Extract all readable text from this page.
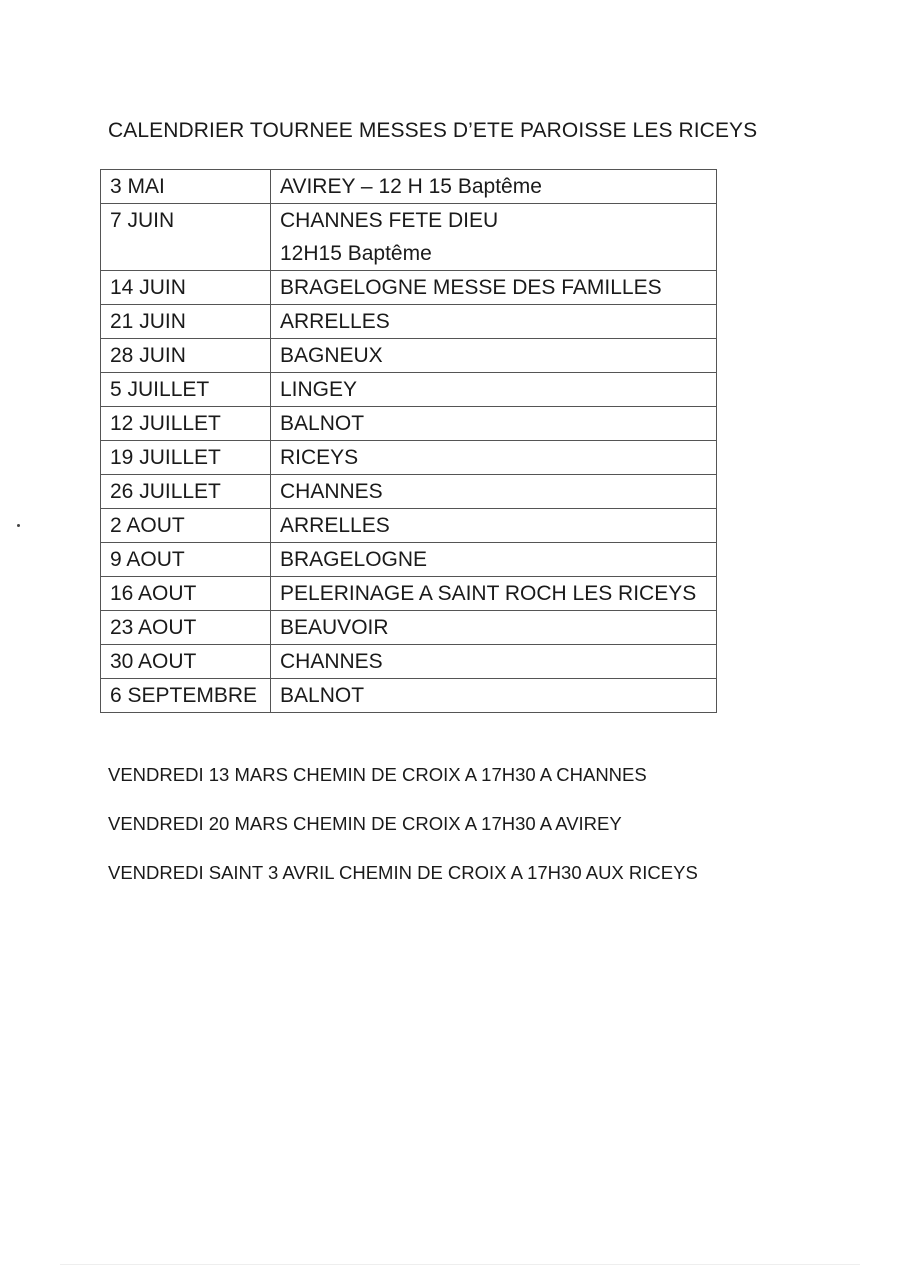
CALENDRIER TOURNEE MESSES D’ETE PAROISSE LES RICEYS
3 MAI	AVIREY – 12 H 15 Baptême

7 JUIN	CHANNES FETE DIEU
12H15 Baptême

14 JUIN	BRAGELOGNE MESSE DES FAMILLES

21 JUIN	ARRELLES

28 JUIN	BAGNEUX

5 JUILLET	LINGEY

12 JUILLET	BALNOT

19 JUILLET	RICEYS

26 JUILLET	CHANNES

2 AOUT	ARRELLES

9 AOUT	BRAGELOGNE

16 AOUT	PELERINAGE A SAINT ROCH LES RICEYS

23 AOUT	BEAUVOIR

30 AOUT	CHANNES

6 SEPTEMBRE	BALNOT
VENDREDI 13 MARS CHEMIN DE CROIX A 17H30 A CHANNES
VENDREDI 20 MARS CHEMIN DE CROIX A 17H30 A AVIREY
VENDREDI SAINT 3 AVRIL CHEMIN DE CROIX A 17H30 AUX RICEYS
